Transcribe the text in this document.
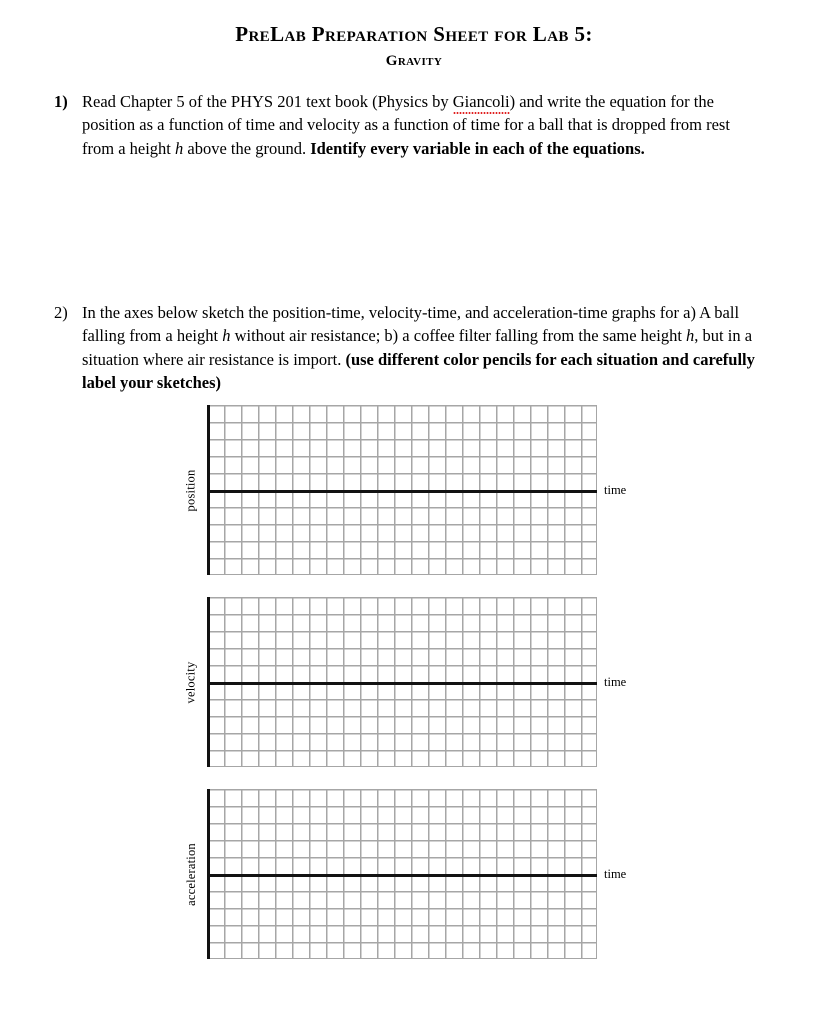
PreLab Preparation Sheet for Lab 5:
Gravity
1) Read Chapter 5 of the PHYS 201 text book (Physics by Giancoli) and write the equation for the position as a function of time and velocity as a function of time for a ball that is dropped from rest from a height h above the ground. Identify every variable in each of the equations.
2) In the axes below sketch the position-time, velocity-time, and acceleration-time graphs for a) A ball falling from a height h without air resistance; b) a coffee filter falling from the same height h, but in a situation where air resistance is import. (use different color pencils for each situation and carefully label your sketches)
position	time
velocity	time
acceleration	time
